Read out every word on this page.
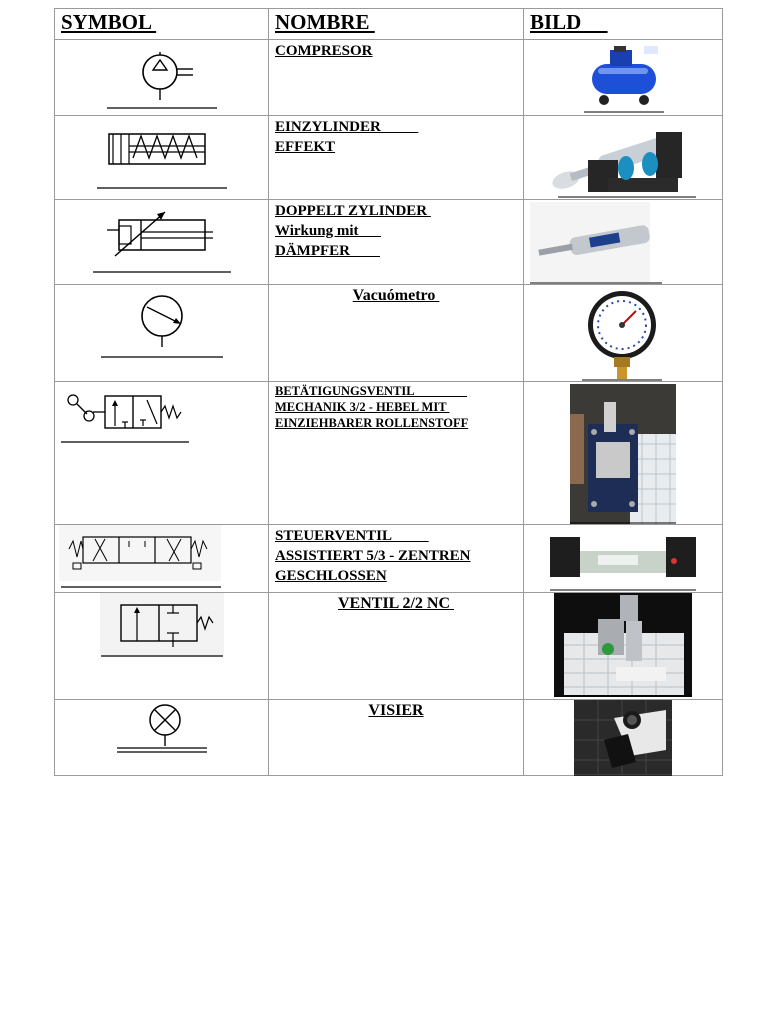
SYMBOL	NOMBRE	BILD

COMPRESOR

EINZYLINDER
EFFEKT

DOPPELT ZYLINDER
Wirkung mit
DÄMPFER

Vacuómetro

BETÄTIGUNGSVENTIL
MECHANIK 3/2 - HEBEL MIT
EINZIEHBARER ROLLENSTOFF

STEUERVENTIL
ASSISTIERT 5/3 - ZENTREN
GESCHLOSSEN

VENTIL 2/2 NC

VISIER
